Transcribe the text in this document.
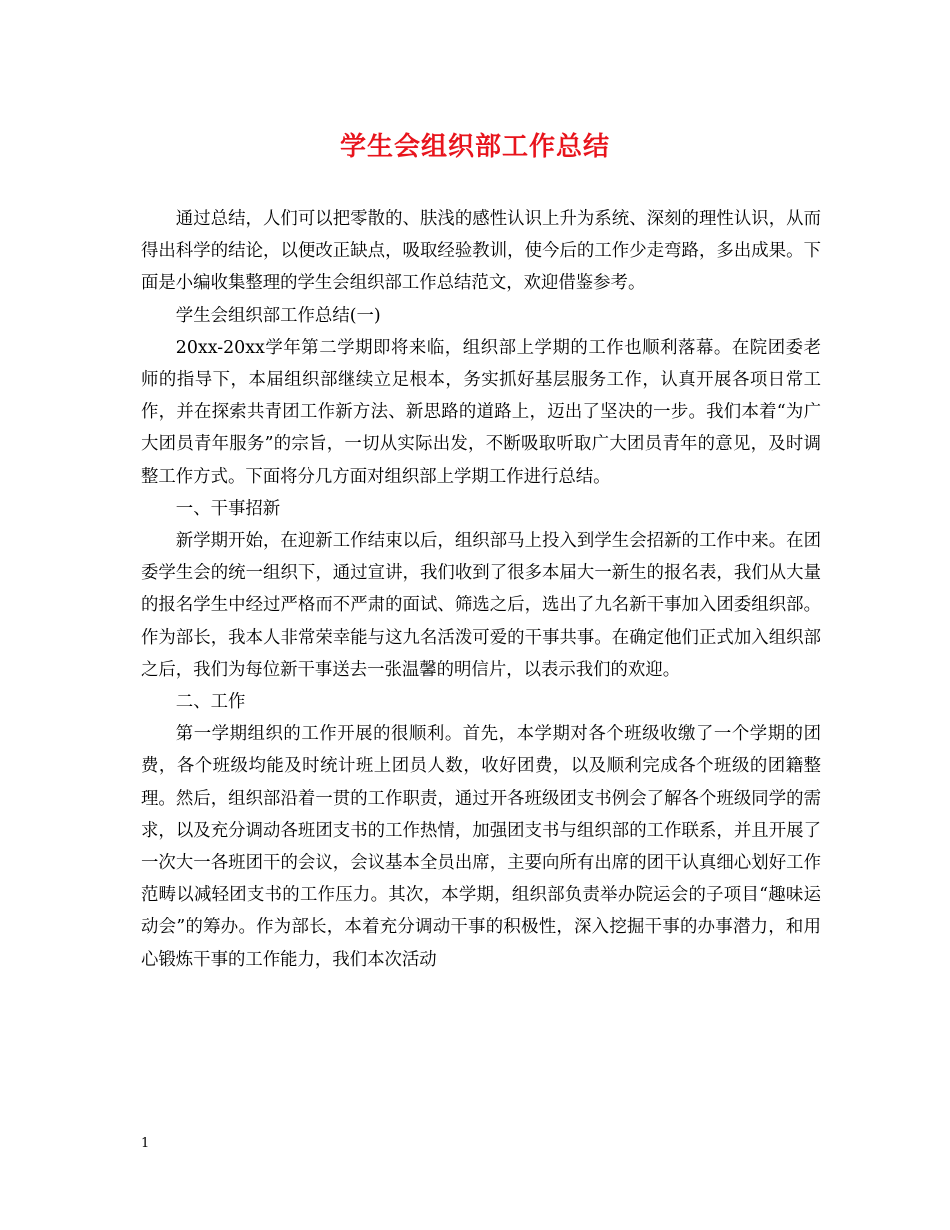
学生会组织部工作总结

通过总结，人们可以把零散的、肤浅的感性认识上升为系统、深刻的理性认识，从而得出科学的结论，以便改正缺点，吸取经验教训，使今后的工作少走弯路，多出成果。下面是小编收集整理的学生会组织部工作总结范文，欢迎借鉴参考。

学生会组织部工作总结(一)

20xx-20xx学年第二学期即将来临，组织部上学期的工作也顺利落幕。在院团委老师的指导下，本届组织部继续立足根本，务实抓好基层服务工作，认真开展各项日常工作，并在探索共青团工作新方法、新思路的道路上，迈出了坚决的一步。我们本着“为广大团员青年服务”的宗旨，一切从实际出发，不断吸取听取广大团员青年的意见，及时调整工作方式。下面将分几方面对组织部上学期工作进行总结。

一、干事招新

新学期开始，在迎新工作结束以后，组织部马上投入到学生会招新的工作中来。在团委学生会的统一组织下，通过宣讲，我们收到了很多本届大一新生的报名表，我们从大量的报名学生中经过严格而不严肃的面试、筛选之后，选出了九名新干事加入团委组织部。作为部长，我本人非常荣幸能与这九名活泼可爱的干事共事。在确定他们正式加入组织部之后，我们为每位新干事送去一张温馨的明信片，以表示我们的欢迎。

二、工作

第一学期组织的工作开展的很顺利。首先，本学期对各个班级收缴了一个学期的团费，各个班级均能及时统计班上团员人数，收好团费，以及顺利完成各个班级的团籍整理。然后，组织部沿着一贯的工作职责，通过开各班级团支书例会了解各个班级同学的需求，以及充分调动各班团支书的工作热情，加强团支书与组织部的工作联系，并且开展了一次大一各班团干的会议，会议基本全员出席，主要向所有出席的团干认真细心划好工作范畴以减轻团支书的工作压力。其次，本学期，组织部负责举办院运会的子项目“趣味运动会”的筹办。作为部长，本着充分调动干事的积极性，深入挖掘干事的办事潜力，和用心锻炼干事的工作能力，我们本次活动

1
